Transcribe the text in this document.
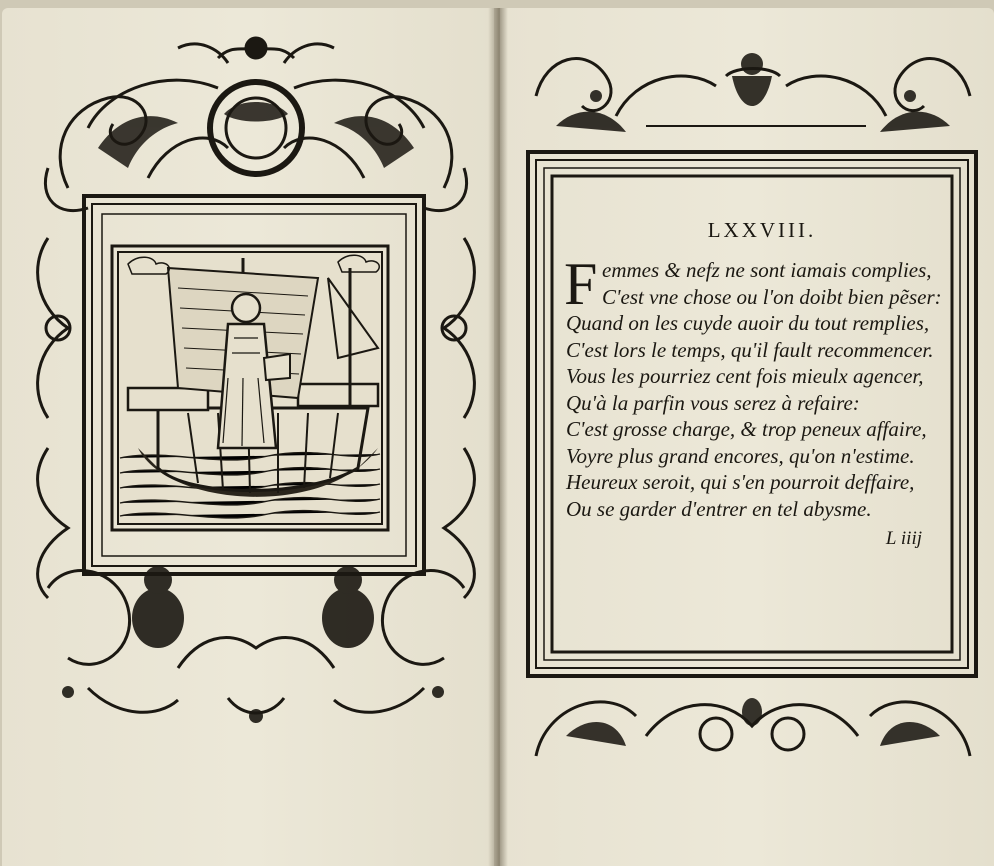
LXXVIII.

F emmes & nefz ne sont iamais complies,
C'est vne chose ou l'on doibt bien pẽser:
Quand on les cuyde auoir du tout remplies,
C'est lors le temps, qu'il fault recommencer.
Vous les pourriez cent fois mieulx agencer,
Qu'à la parfin vous serez à refaire:
C'est grosse charge, & trop peneux affaire,
Voyre plus grand encores, qu'on n'estime.
Heureux seroit, qui s'en pourroit deffaire,
Ou se garder d'entrer en tel abysme.
L iiij
